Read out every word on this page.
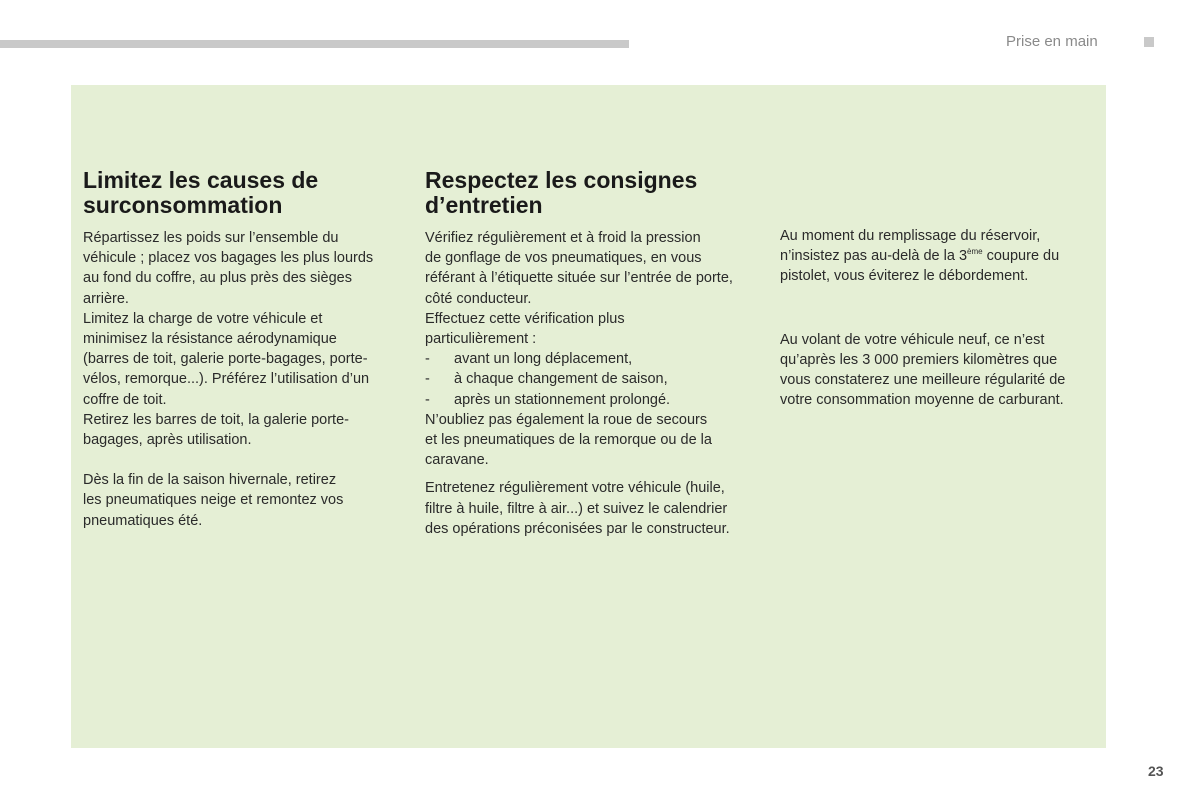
Prise en main
Limitez les causes de
surconsommation

Répartissez les poids sur l’ensemble du
véhicule ; placez vos bagages les plus lourds
au fond du coffre, au plus près des sièges
arrière.
Limitez la charge de votre véhicule et
minimisez la résistance aérodynamique
(barres de toit, galerie porte-bagages, porte-
vélos, remorque...). Préférez l’utilisation d’un
coffre de toit.
Retirez les barres de toit, la galerie porte-
bagages, après utilisation.

Dès la fin de la saison hivernale, retirez
les pneumatiques neige et remontez vos
pneumatiques été.

Respectez les consignes
d’entretien

Vérifiez régulièrement et à froid la pression
de gonflage de vos pneumatiques, en vous
référant à l’étiquette située sur l’entrée de porte,
côté conducteur.
Effectuez cette vérification plus
particulièrement :

-	avant un long déplacement,
-	à chaque changement de saison,
-	après un stationnement prolongé.

N’oubliez pas également la roue de secours
et les pneumatiques de la remorque ou de la
caravane.

Entretenez régulièrement votre véhicule (huile,
filtre à huile, filtre à air...) et suivez le calendrier
des opérations préconisées par le constructeur.

Au moment du remplissage du réservoir,
n’insistez pas au-delà de la 3ème coupure du
pistolet, vous éviterez le débordement.

Au volant de votre véhicule neuf, ce n’est
qu’après les 3 000 premiers kilomètres que
vous constaterez une meilleure régularité de
votre consommation moyenne de carburant.

23
